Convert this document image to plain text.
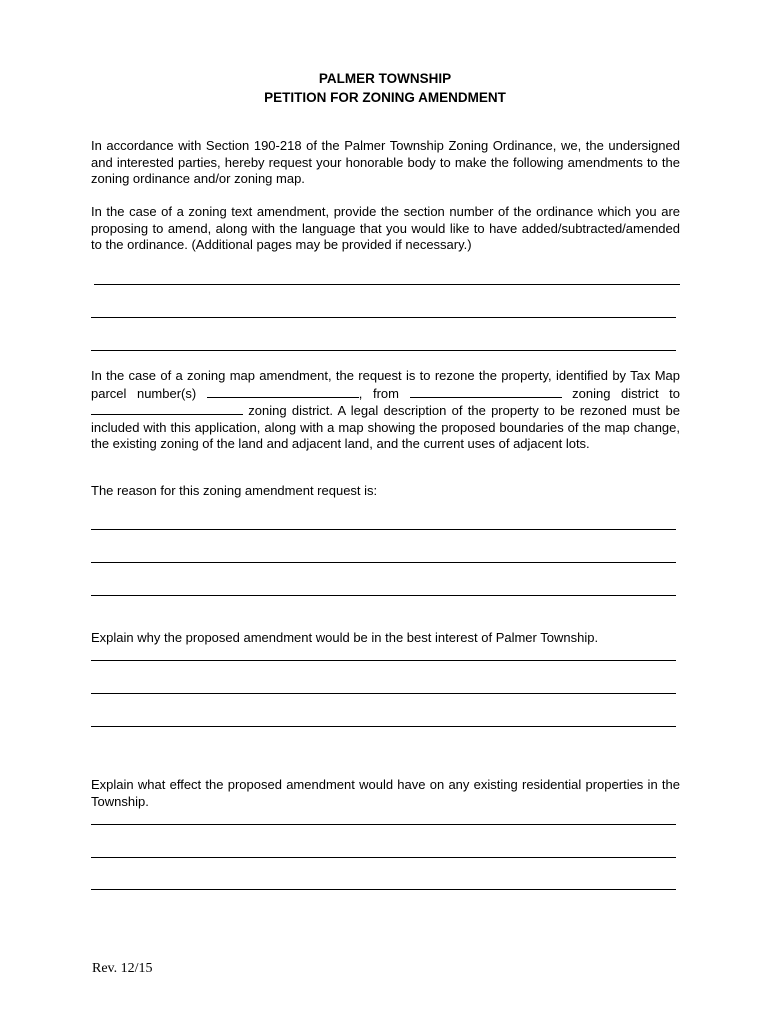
PALMER TOWNSHIP
PETITION FOR ZONING AMENDMENT
In accordance with Section 190-218 of the Palmer Township Zoning Ordinance, we, the undersigned and interested parties, hereby request your honorable body to make the following amendments to the zoning ordinance and/or zoning map.
In the case of a zoning text amendment, provide the section number of the ordinance which you are proposing to amend, along with the language that you would like to have added/subtracted/amended to the ordinance. (Additional pages may be provided if necessary.)
In the case of a zoning map amendment, the request is to rezone the property, identified by Tax Map parcel number(s)	, from	zoning district to  zoning district. A legal description of the property to be rezoned must be included with this application, along with a map showing the proposed boundaries of the map change, the existing zoning of the land and adjacent land, and the current uses of adjacent lots.
The reason for this zoning amendment request is:
Explain why the proposed amendment would be in the best interest of Palmer Township.
Explain what effect the proposed amendment would have on any existing residential properties in the Township.
Rev. 12/15
